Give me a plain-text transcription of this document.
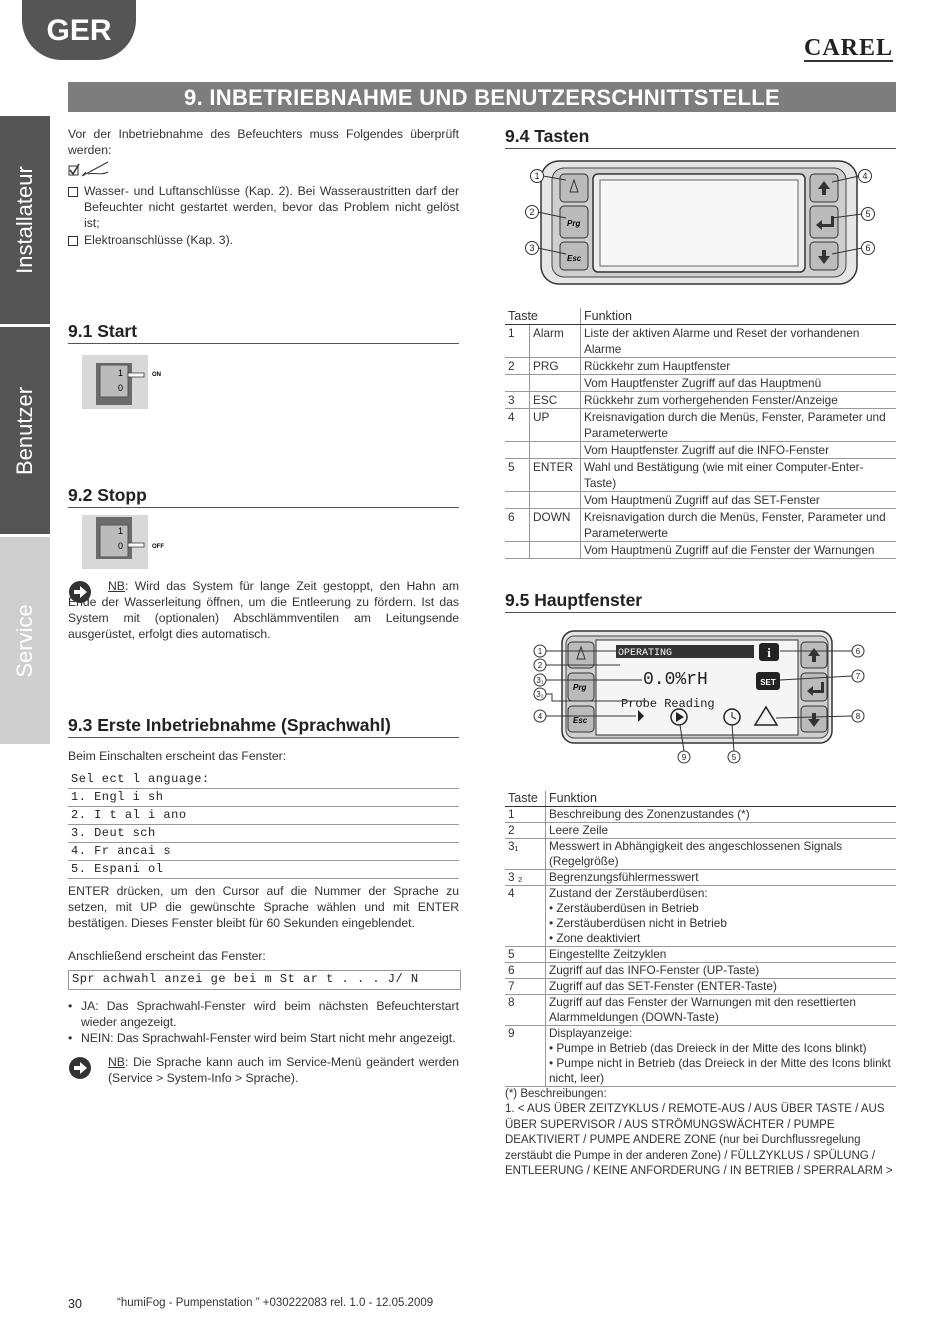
GER
CAREL
9. INBETRIEBNAHME UND BENUTZERSCHNITTSTELLE
Installateur
Benutzer
Service
Vor der Inbetriebnahme des Befeuchters muss Folgendes überprüft werden:
Wasser- und Luftanschlüsse (Kap. 2). Bei Wasseraustritten darf der Befeuchter nicht gestartet werden, bevor das Problem nicht gelöst ist;
Elektroanschlüsse (Kap. 3).
9.1 Start
1
0
ON
9.2 Stopp
1
0	OFF
NB: Wird das System für lange Zeit gestoppt, den Hahn am Ende der Wasserleitung öffnen, um die Entleerung zu fördern. Ist das System mit (optionalen) Abschlämmventilen am Leitungsende ausgerüstet, erfolgt dies automatisch.
9.3 Erste Inbetriebnahme (Sprachwahl)
Beim Einschalten erscheint das Fenster:
Sel ect l anguage:
1. Engl i sh
2. I t al i ano
3. Deut sch
4. Fr ancai s
5. Espani ol
ENTER drücken, um den Cursor auf die Nummer der Sprache zu setzen, mit UP die gewünschte Sprache wählen und mit ENTER bestätigen. Dieses Fenster bleibt für 60 Sekunden eingeblendet.
Anschließend erscheint das Fenster:
Spr achwahl anzei ge bei m St ar t . . . J/ N
• JA: Das Sprachwahl-Fenster wird beim nächsten Befeuchterstart wieder angezeigt.
• NEIN: Das Sprachwahl-Fenster wird beim Start nicht mehr angezeigt.
NB: Die Sprache kann auch im Service-Menü geändert werden (Service > System-Info > Sprache).
9.4 Tasten
Prg
Esc
1
2
3
4
5
6
Taste		Funktion
1	Alarm	Liste der aktiven Alarme und Reset der vorhandenen Alarme
2	PRG	Rückkehr zum Hauptfenster
		Vom Hauptfenster Zugriff auf das Hauptmenü
3	ESC	Rückkehr zum vorhergehenden Fenster/Anzeige
4	UP	Kreisnavigation durch die Menüs, Fenster, Parameter und Parameterwerte
		Vom Hauptfenster Zugriff auf die INFO-Fenster
5	ENTER	Wahl und Bestätigung (wie mit einer Computer-Enter-Taste)
		Vom Hauptmenü Zugriff auf das SET-Fenster
6	DOWN	Kreisnavigation durch die Menüs, Fenster, Parameter und Parameterwerte
		Vom Hauptmenü Zugriff auf die Fenster der Warnungen
9.5 Hauptfenster
OPERATING	i
SET
0.0%rH
Probe Reading
Prg
Esc
1
2
3₁
3₂
4
6
7
8
9	5
Taste	Funktion
1	Beschreibung des Zonenzustandes (*)

2	Leere Zeile

3₁	Messwert in Abhängigkeit des angeschlossenen Signals (Regelgröße)

3 ₂	Begrenzungsfühlermesswert

4	Zustand der Zerstäuberdüsen:
• Zerstäuberdüsen in Betrieb
• Zerstäuberdüsen nicht in Betrieb
• Zone deaktiviert

5	Eingestellte Zeitzyklen

6	Zugriff auf das INFO-Fenster (UP-Taste)

7	Zugriff auf das SET-Fenster (ENTER-Taste)

8	Zugriff auf das Fenster der Warnungen mit den resettierten Alarmmeldungen (DOWN-Taste)

9	Displayanzeige:
• Pumpe in Betrieb (das Dreieck in der Mitte des Icons blinkt)
• Pumpe nicht in Betrieb (das Dreieck in der Mitte des Icons blinkt nicht, leer)
(*) Beschreibungen:
1. < AUS ÜBER ZEITZYKLUS / REMOTE-AUS / AUS ÜBER TASTE / AUS ÜBER SUPERVISOR / AUS STRÖMUNGSWÄCHTER / PUMPE DEAKTIVIERT / PUMPE ANDERE ZONE (nur bei Durchflussregelung zerstäubt die Pumpe in der anderen Zone) / FÜLLZYKLUS / SPÜLUNG / ENTLEERUNG / KEINE ANFORDERUNG / IN BETRIEB / SPERRALARM >
30	“humiFog - Pumpenstation ” +030222083 rel. 1.0 - 12.05.2009
